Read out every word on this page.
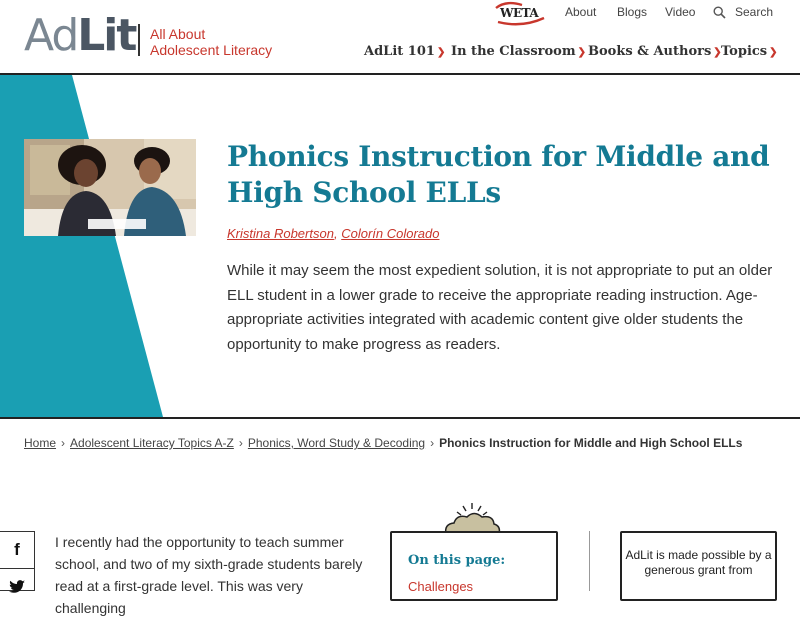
AdLit All About
Adolescent Literacy
WETA About Blogs Video	Search
AdLit 101 ❯ In the Classroom ❯ Books & Authors ❯ Topics ❯
Phonics Instruction for Middle and High School ELLs
Kristina Robertson, Colorín Colorado

While it may seem the most expedient solution, it is not appropriate to put an older ELL student in a lower grade to receive the appropriate reading instruction. Age-appropriate activities integrated with academic content give older students the opportunity to make progress as readers.

Home › Adolescent Literacy Topics A-Z › Phonics, Word Study & Decoding › Phonics Instruction for Middle and High School ELLs
f	I recently had the opportunity to teach summer school, and two of my sixth-grade students barely read at a first-grade level. This was very challenging

On this page:
Challenges
AdLit is made possible by a generous grant from
